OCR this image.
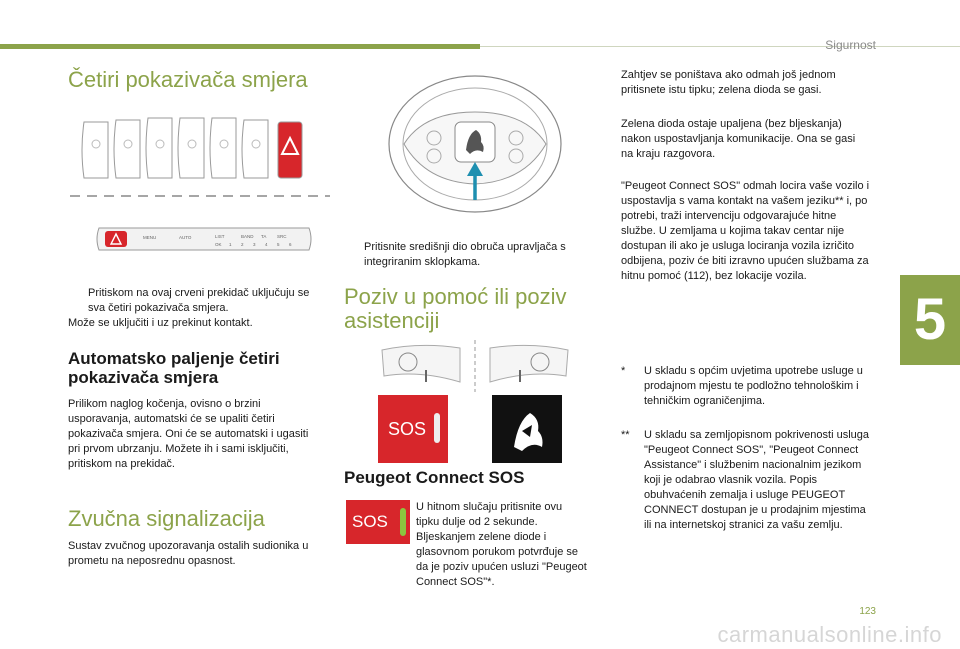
Sigurnost
5
Četiri pokazivača smjera
MENU	AUTO	LIST
OK
BAND TA SRC
1 2 3 4 5 6
Pritiskom na ovaj crveni prekidač uključuju se sva četiri pokazivača smjera.

Može se uključiti i uz prekinut kontakt.

Automatsko paljenje četiri pokazivača smjera

Prilikom naglog kočenja, ovisno o brzini usporavanja, automatski će se upaliti četiri pokazivača smjera. Oni će se automatski i ugasiti pri prvom ubrzanju. Možete ih i sami isključiti, pritiskom na prekidač.

Zvučna signalizacija

Sustav zvučnog upozoravanja ostalih sudionika u prometu na neposrednu opasnost.

Pritisnite središnji dio obruča upravljača s integriranim sklopkama.
Poziv u pomoć ili poziv asistenciji
SOS
Peugeot Connect SOS
SOS

U hitnom slučaju pritisnite ovu tipku dulje od 2 sekunde. Bljeskanjem zelene diode i glasovnom porukom potvrđuje se da je poziv upućen usluzi "Peugeot Connect SOS"*.

Zahtjev se poništava ako odmah još jednom pritisnete istu tipku; zelena dioda se gasi.

Zelena dioda ostaje upaljena (bez bljeskanja) nakon uspostavljanja komunikacije. Ona se gasi na kraju razgovora.

"Peugeot Connect SOS" odmah locira vaše vozilo i uspostavlja s vama kontakt na vašem jeziku** i, po potrebi, traži intervenciju odgovarajuće hitne službe. U zemljama u kojima takav centar nije dostupan ili ako je usluga lociranja vozila izričito odbijena, poziv će biti izravno upućen službama za hitnu pomoć (112), bez lokacije vozila.

*	U skladu s općim uvjetima upotrebe usluge u prodajnom mjestu te podložno tehnološkim i tehničkim ograničenjima.
**	U skladu sa zemljopisnom pokrivenosti usluga "Peugeot Connect SOS", "Peugeot Connect Assistance" i službenim nacionalnim jezikom koji je odabrao vlasnik vozila. Popis obuhvaćenih zemalja i usluge PEUGEOT CONNECT dostupan je u prodajnim mjestima ili na internetskoj stranici za vašu zemlju.
123
carmanualsonline.info
